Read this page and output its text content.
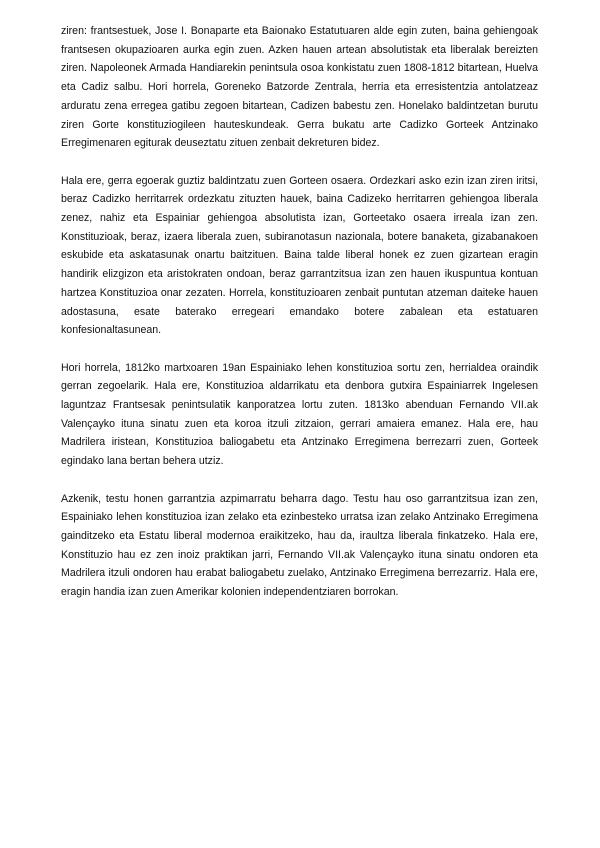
ziren: frantsestuek, Jose I. Bonaparte eta Baionako Estatutuaren alde egin zuten, baina gehiengoak frantsesen okupazioaren aurka egin zuen. Azken hauen artean absolutistak eta liberalak bereizten ziren. Napoleonek Armada Handiarekin penintsula osoa konkistatu zuen 1808-1812 bitartean, Huelva eta Cadiz salbu. Hori horrela, Goreneko Batzorde Zentrala, herria eta erresistentzia antolatzeaz arduratu zena erregea gatibu zegoen bitartean, Cadizen babestu zen. Honelako baldintzetan burutu ziren Gorte konstituziogileen hauteskundeak. Gerra bukatu arte Cadizko Gorteek Antzinako Erregimenaren egiturak deuseztatu zituen zenbait dekreturen bidez.

Hala ere, gerra egoerak guztiz baldintzatu zuen Gorteen osaera. Ordezkari asko ezin izan ziren iritsi, beraz Cadizko herritarrek ordezkatu zituzten hauek, baina Cadizeko herritarren gehiengoa liberala zenez, nahiz eta Espainiar gehiengoa absolutista izan, Gorteetako osaera irreala izan zen. Konstituzioak, beraz, izaera liberala zuen, subiranotasun nazionala, botere banaketa, gizabanakoen eskubide eta askatasunak onartu baitzituen. Baina talde liberal honek ez zuen gizartean eragin handirik elizgizon eta aristokraten ondoan, beraz garrantzitsua izan zen hauen ikuspuntua kontuan hartzea Konstituzioa onar zezaten. Horrela, konstituzioaren zenbait puntutan atzeman daiteke hauen adostasuna, esate baterako erregeari emandako botere zabalean eta estatuaren konfesionaltasunean.

Hori horrela, 1812ko martxoaren 19an Espainiako lehen konstituzioa sortu zen, herrialdea oraindik gerran zegoelarik. Hala ere, Konstituzioa aldarrikatu eta denbora gutxira Espainiarrek Ingelesen laguntzaz Frantsesak penintsulatik kanporatzea lortu zuten. 1813ko abenduan Fernando VII.ak Valençayko ituna sinatu zuen eta koroa itzuli zitzaion, gerrari amaiera emanez. Hala ere, hau Madrilera iristean, Konstituzioa baliogabetu eta Antzinako Erregimena berrezarri zuen, Gorteek egindako lana bertan behera utziz.

Azkenik, testu honen garrantzia azpimarratu beharra dago. Testu hau oso garrantzitsua izan zen, Espainiako lehen konstituzioa izan zelako eta ezinbesteko urratsa izan zelako Antzinako Erregimena gainditzeko eta Estatu liberal modernoa eraikitzeko, hau da, iraultza liberala finkatzeko. Hala ere, Konstituzio hau ez zen inoiz praktikan jarri, Fernando VII.ak Valençayko ituna sinatu ondoren eta Madrilera itzuli ondoren hau erabat baliogabetu zuelako, Antzinako Erregimena berrezarriz. Hala ere, eragin handia izan zuen Amerikar kolonien independentziaren borrokan.
